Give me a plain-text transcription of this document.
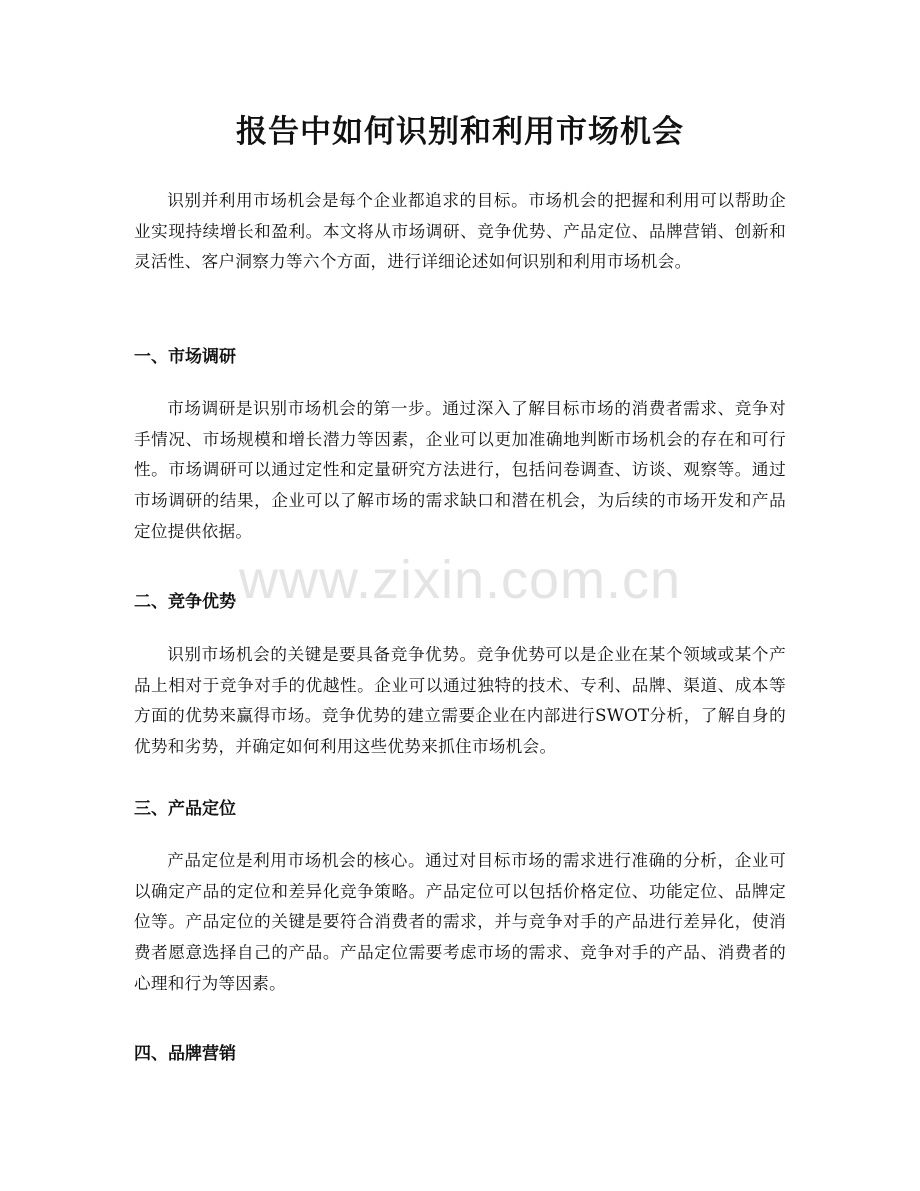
报告中如何识别和利用市场机会

识别并利用市场机会是每个企业都追求的目标。市场机会的把握和利用可以帮助企业实现持续增长和盈利。本文将从市场调研、竞争优势、产品定位、品牌营销、创新和灵活性、客户洞察力等六个方面，进行详细论述如何识别和利用市场机会。

一、市场调研

市场调研是识别市场机会的第一步。通过深入了解目标市场的消费者需求、竞争对手情况、市场规模和增长潜力等因素，企业可以更加准确地判断市场机会的存在和可行性。市场调研可以通过定性和定量研究方法进行，包括问卷调查、访谈、观察等。通过市场调研的结果，企业可以了解市场的需求缺口和潜在机会，为后续的市场开发和产品定位提供依据。

二、竞争优势

识别市场机会的关键是要具备竞争优势。竞争优势可以是企业在某个领域或某个产品上相对于竞争对手的优越性。企业可以通过独特的技术、专利、品牌、渠道、成本等方面的优势来赢得市场。竞争优势的建立需要企业在内部进行SWOT分析，了解自身的优势和劣势，并确定如何利用这些优势来抓住市场机会。

三、产品定位

产品定位是利用市场机会的核心。通过对目标市场的需求进行准确的分析，企业可以确定产品的定位和差异化竞争策略。产品定位可以包括价格定位、功能定位、品牌定位等。产品定位的关键是要符合消费者的需求，并与竞争对手的产品进行差异化，使消费者愿意选择自己的产品。产品定位需要考虑市场的需求、竞争对手的产品、消费者的心理和行为等因素。

四、品牌营销
www.zixin.com.cn
